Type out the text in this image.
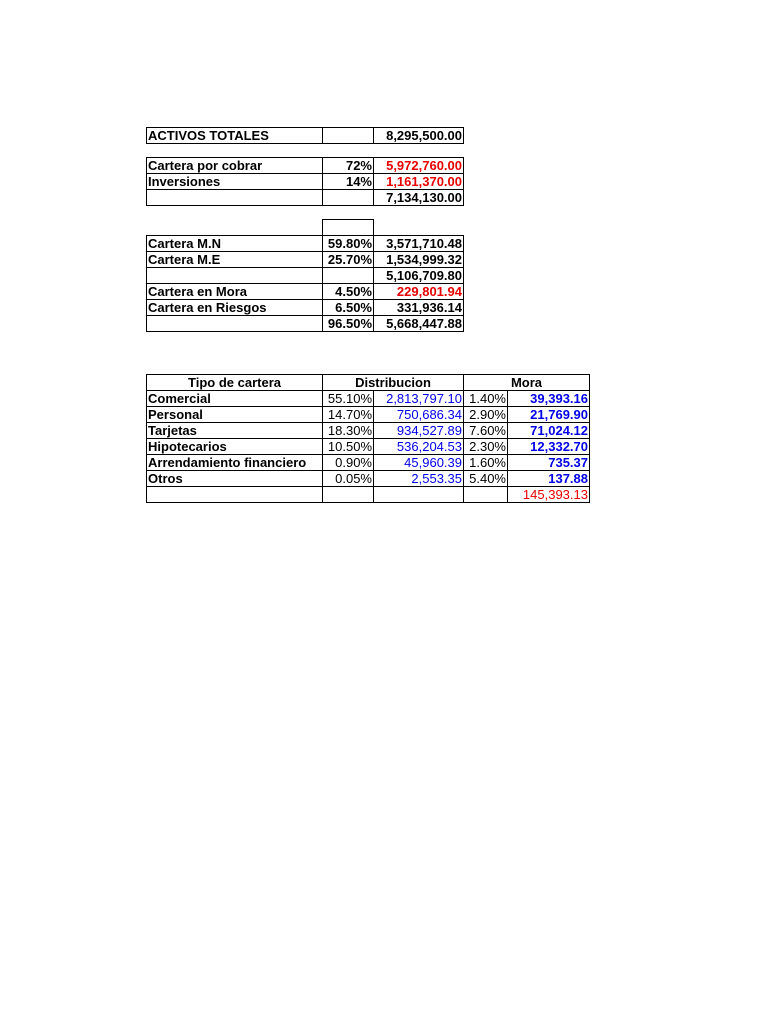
ACTIVOS TOTALES		8,295,500.00
Cartera por cobrar	72%	5,972,760.00
Inversiones	14%	1,161,370.00
		7,134,130.00

Cartera M.N	59.80%	3,571,710.48
Cartera M.E	25.70%	1,534,999.32
		5,106,709.80
Cartera en Mora	4.50%	229,801.94
Cartera en Riesgos	6.50%	331,936.14
	96.50%	5,668,447.88
Tipo de cartera	Distribucion		Mora	
Comercial	55.10%	2,813,797.10	1.40%	39,393.16
Personal	14.70%	750,686.34	2.90%	21,769.90
Tarjetas	18.30%	934,527.89	7.60%	71,024.12
Hipotecarios	10.50%	536,204.53	2.30%	12,332.70
Arrendamiento financiero	0.90%	45,960.39	1.60%	735.37
Otros	0.05%	2,553.35	5.40%	137.88
				145,393.13
